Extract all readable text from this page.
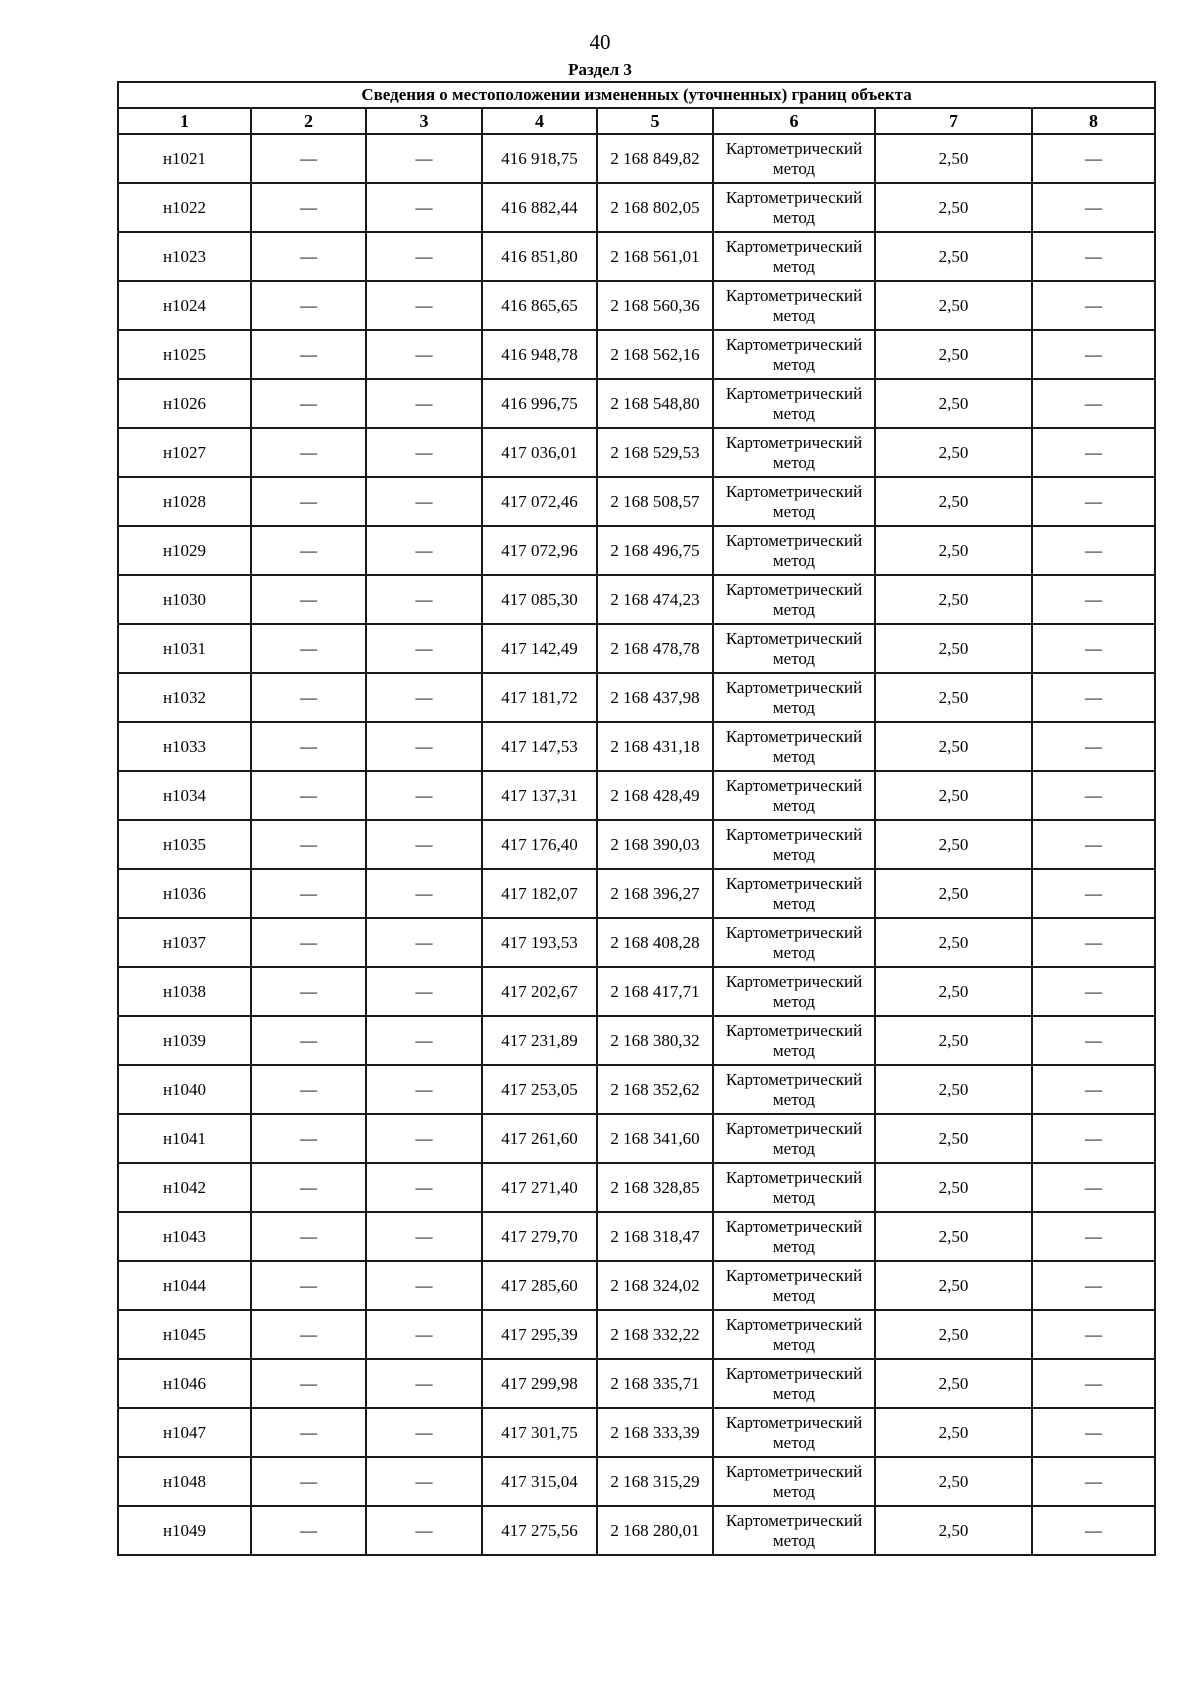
40
Раздел 3
Сведения о местоположении измененных (уточненных) границ объекта							
1	2	3	4	5	6	7	8
н1021	—	—	416 918,75	2 168 849,82	Картометрический метод	2,50	—
н1022	—	—	416 882,44	2 168 802,05	Картометрический метод	2,50	—
н1023	—	—	416 851,80	2 168 561,01	Картометрический метод	2,50	—
н1024	—	—	416 865,65	2 168 560,36	Картометрический метод	2,50	—
н1025	—	—	416 948,78	2 168 562,16	Картометрический метод	2,50	—
н1026	—	—	416 996,75	2 168 548,80	Картометрический метод	2,50	—
н1027	—	—	417 036,01	2 168 529,53	Картометрический метод	2,50	—
н1028	—	—	417 072,46	2 168 508,57	Картометрический метод	2,50	—
н1029	—	—	417 072,96	2 168 496,75	Картометрический метод	2,50	—
н1030	—	—	417 085,30	2 168 474,23	Картометрический метод	2,50	—
н1031	—	—	417 142,49	2 168 478,78	Картометрический метод	2,50	—
н1032	—	—	417 181,72	2 168 437,98	Картометрический метод	2,50	—
н1033	—	—	417 147,53	2 168 431,18	Картометрический метод	2,50	—
н1034	—	—	417 137,31	2 168 428,49	Картометрический метод	2,50	—
н1035	—	—	417 176,40	2 168 390,03	Картометрический метод	2,50	—
н1036	—	—	417 182,07	2 168 396,27	Картометрический метод	2,50	—
н1037	—	—	417 193,53	2 168 408,28	Картометрический метод	2,50	—
н1038	—	—	417 202,67	2 168 417,71	Картометрический метод	2,50	—
н1039	—	—	417 231,89	2 168 380,32	Картометрический метод	2,50	—
н1040	—	—	417 253,05	2 168 352,62	Картометрический метод	2,50	—
н1041	—	—	417 261,60	2 168 341,60	Картометрический метод	2,50	—
н1042	—	—	417 271,40	2 168 328,85	Картометрический метод	2,50	—
н1043	—	—	417 279,70	2 168 318,47	Картометрический метод	2,50	—
н1044	—	—	417 285,60	2 168 324,02	Картометрический метод	2,50	—
н1045	—	—	417 295,39	2 168 332,22	Картометрический метод	2,50	—
н1046	—	—	417 299,98	2 168 335,71	Картометрический метод	2,50	—
н1047	—	—	417 301,75	2 168 333,39	Картометрический метод	2,50	—
н1048	—	—	417 315,04	2 168 315,29	Картометрический метод	2,50	—
н1049	—	—	417 275,56	2 168 280,01	Картометрический метод	2,50	—
